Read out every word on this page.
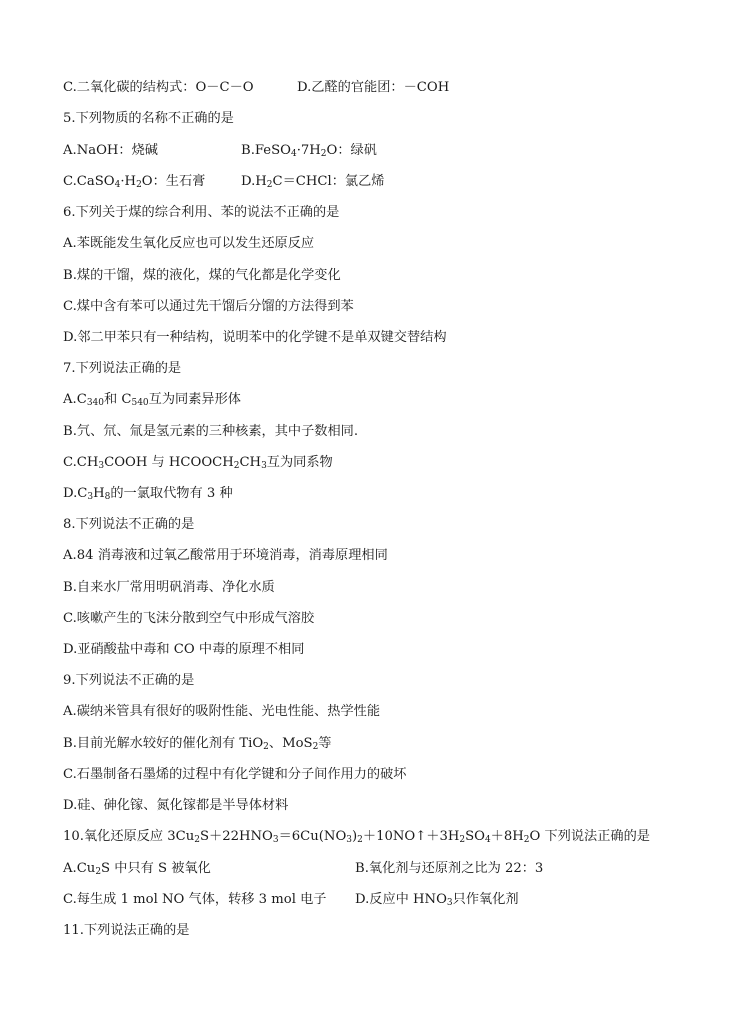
C.二氧化碳的结构式：O－C－O	D.乙醛的官能团：－COH
5.下列物质的名称不正确的是
A.NaOH：烧碱	$B.FeSO_4\cdot 7H_2O$：绿矾
$C.CaSO_4\cdot H_2O$：生石膏	$D.H_2C=CHCl$：氯乙烯
6.下列关于煤的综合利用、苯的说法不正确的是
A.苯既能发生氧化反应也可以发生还原反应
B.煤的干馏，煤的液化，煤的气化都是化学变化
C.煤中含有苯可以通过先干馏后分馏的方法得到苯
D.邻二甲苯只有一种结构，说明苯中的化学键不是单双键交替结构
7.下列说法正确的是
$A.C_{340}$和 $C_{540}$互为同素异形体
B.氕、氘、氚是氢元素的三种核素，其中子数相同.
$C.CH_3COOH$ 与 $HCOOCH_2CH_3$互为同系物
$D.C_3H_8$的一氯取代物有 3 种
8.下列说法不正确的是
A.84 消毒液和过氧乙酸常用于环境消毒，消毒原理相同
B.自来水厂常用明矾消毒、净化水质
C.咳嗽产生的飞沫分散到空气中形成气溶胶
D.亚硝酸盐中毒和 CO 中毒的原理不相同
9.下列说法不正确的是
A.碳纳米管具有很好的吸附性能、光电性能、热学性能
B.目前光解水较好的催化剂有 TiO$_2$、MoS$_2$等
C.石墨制备石墨烯的过程中有化学键和分子间作用力的破坏
D.硅、砷化镓、氮化镓都是半导体材料
10.氧化还原反应 $3Cu_2S+22HNO_3=6Cu(NO_3)_2+10NO↑+3H_2SO_4+8H_2O$ 下列说法正确的是
$A.Cu_2S$ 中只有 S 被氧化	B.氧化剂与还原剂之比为 22：3
C.每生成 1 mol NO 气体，转移 3 mol 电子 D.反应中 $HNO_3$只作氧化剂
11.下列说法正确的是
